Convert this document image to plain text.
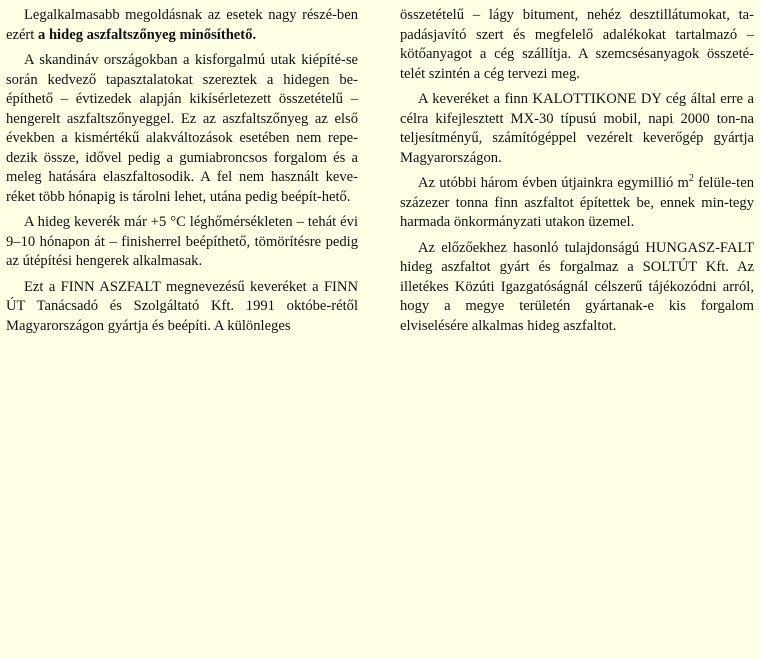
Legalkalmasabb megoldásnak az esetek nagy részé-ben ezért a hideg aszfaltszőnyeg minősíthető.

A skandináv országokban a kisforgalmú utak kiépíté-se során kedvező tapasztalatokat szereztek a hidegen be-építhető – évtizedek alapján kikísérletezett összetételű – hengerelt aszfaltszőnyeggel. Ez az aszfaltszőnyeg az első években a kismértékű alakváltozások esetében nem repe-dezik össze, idővel pedig a gumiabroncsos forgalom és a meleg hatására elaszfaltosodik. A fel nem használt keve-réket több hónapig is tárolni lehet, utána pedig beépít-hető.

A hideg keverék már +5 °C léghőmérsékleten – tehát évi 9–10 hónapon át – finisherrel beépíthető, tömörítésre pedig az útépítési hengerek alkalmasak.

Ezt a FINN ASZFALT megnevezésű keveréket a FINN ÚT Tanácsadó és Szolgáltató Kft. 1991 októbe-rétől Magyarországon gyártja és beépíti. A különleges

összetételű – lágy bitument, nehéz desztillátumokat, ta-padásjavító szert és megfelelő adalékokat tartalmazó – kötőanyagot a cég szállítja. A szemcsésanyagok összeté-telét szintén a cég tervezi meg.

A keveréket a finn KALOTTIKONE DY cég által erre a célra kifejlesztett MX-30 típusú mobil, napi 2000 ton-na teljesítményű, számítógéppel vezérelt keverőgép gyártja Magyarországon.

Az utóbbi három évben útjainkra egymillió $m^2$ felüle-ten százezer tonna finn aszfaltot építettek be, ennek min-tegy harmada önkormányzati utakon üzemel.

Az előzőekhez hasonló tulajdonságú HUNGASZ-FALT hideg aszfaltot gyárt és forgalmaz a SOLTÚT Kft. Az illetékes Közúti Igazgatóságnál célszerű tájékozódni arról, hogy a megye területén gyártanak-e kis forgalom elviselésére alkalmas hideg aszfaltot.
